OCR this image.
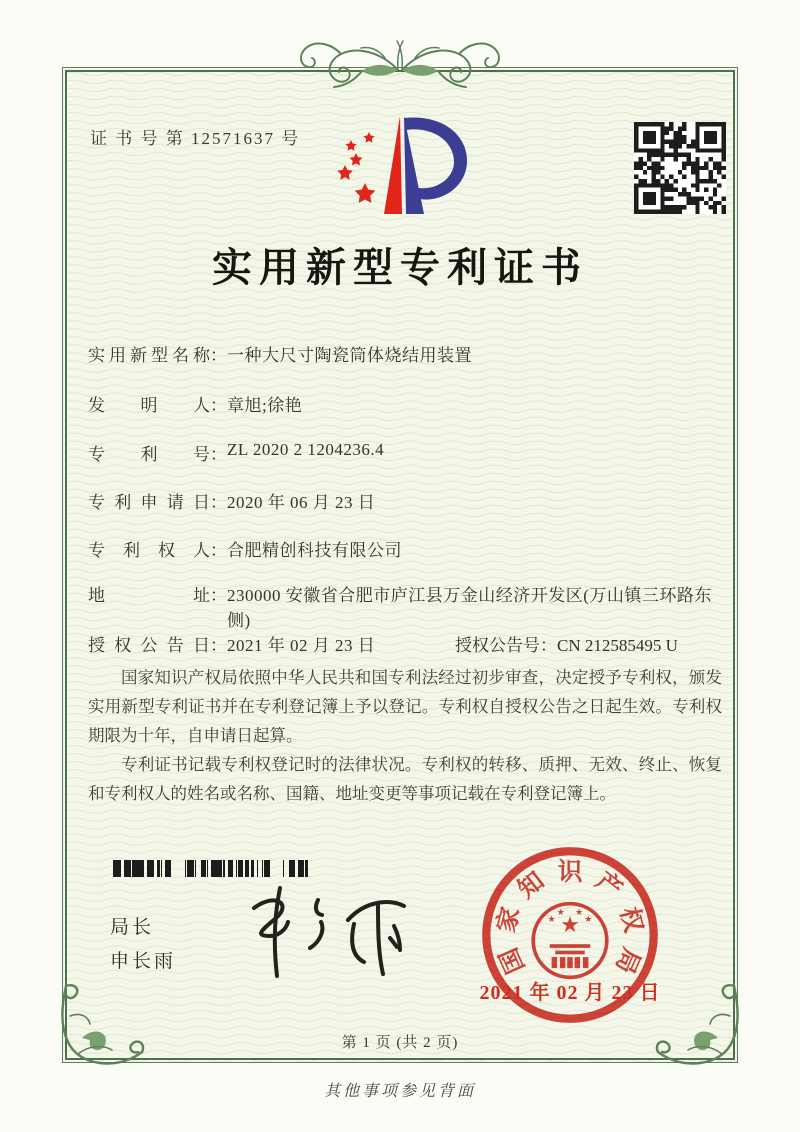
证 书 号 第 12571637 号
实用新型专利证书
实用新型名称：一种大尺寸陶瓷筒体烧结用装置
发明人：章旭;徐艳
专利号：ZL 2020 2 1204236.4
专利申请日：2020 年 06 月 23 日
专利权人：合肥精创科技有限公司
地址：230000 安徽省合肥市庐江县万金山经济开发区(万山镇三环路东侧)
授权公告日：2021 年 02 月 23 日	授权公告号：CN 212585495 U

国家知识产权局依照中华人民共和国专利法经过初步审查，决定授予专利权，颁发实用新型专利证书并在专利登记簿上予以登记。专利权自授权公告之日起生效。专利权期限为十年，自申请日起算。

专利证书记载专利权登记时的法律状况。专利权的转移、质押、无效、终止、恢复和专利权人的姓名或名称、国籍、地址变更等事项记载在专利登记簿上。

局长
申长雨	国
家
知 识 产
权
局
★
★
★ ★
★
2021 年 02 月 23 日
第 1 页 (共 2 页)
其他事项参见背面
